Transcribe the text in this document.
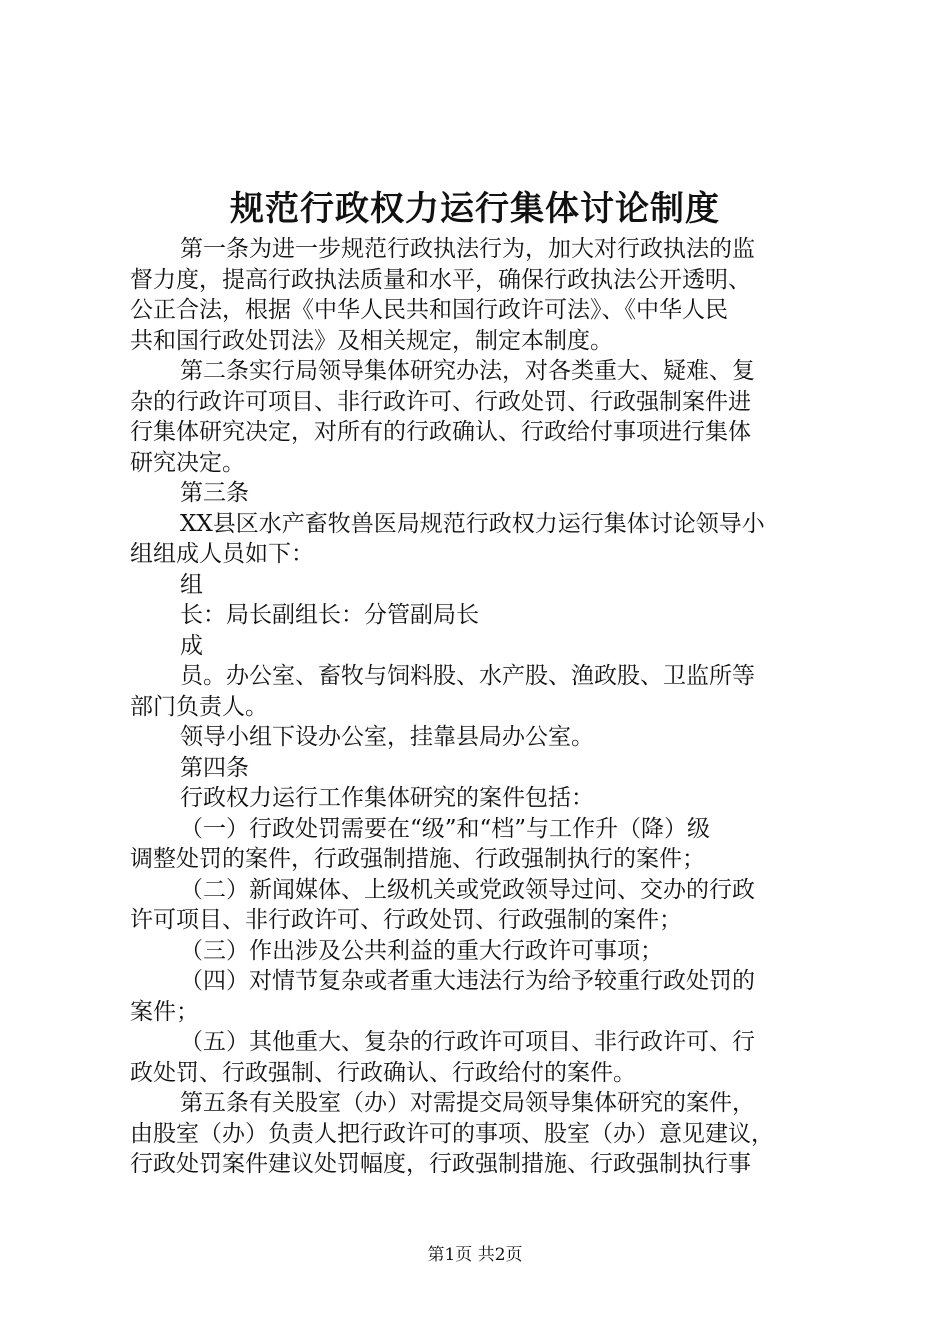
规范行政权力运行集体讨论制度
第一条为进一步规范行政执法行为，加大对行政执法的监
督力度，提高行政执法质量和水平，确保行政执法公开透明、
公正合法，根据《中华人民共和国行政许可法》、《中华人民
共和国行政处罚法》及相关规定，制定本制度。
第二条实行局领导集体研究办法，对各类重大、疑难、复
杂的行政许可项目、非行政许可、行政处罚、行政强制案件进
行集体研究决定，对所有的行政确认、行政给付事项进行集体
研究决定。
第三条
XX县区水产畜牧兽医局规范行政权力运行集体讨论领导小
组组成人员如下：
组
长：局长副组长：分管副局长
成
员。办公室、畜牧与饲料股、水产股、渔政股、卫监所等
部门负责人。
领导小组下设办公室，挂靠县局办公室。
第四条
行政权力运行工作集体研究的案件包括：
（一）行政处罚需要在“级”和“档”与工作升（降）级
调整处罚的案件，行政强制措施、行政强制执行的案件；
（二）新闻媒体、上级机关或党政领导过问、交办的行政
许可项目、非行政许可、行政处罚、行政强制的案件；
（三）作出涉及公共利益的重大行政许可事项；
（四）对情节复杂或者重大违法行为给予较重行政处罚的
案件；
（五）其他重大、复杂的行政许可项目、非行政许可、行
政处罚、行政强制、行政确认、行政给付的案件。
第五条有关股室（办）对需提交局领导集体研究的案件，
由股室（办）负责人把行政许可的事项、股室（办）意见建议，
行政处罚案件建议处罚幅度，行政强制措施、行政强制执行事
第1页 共2页
